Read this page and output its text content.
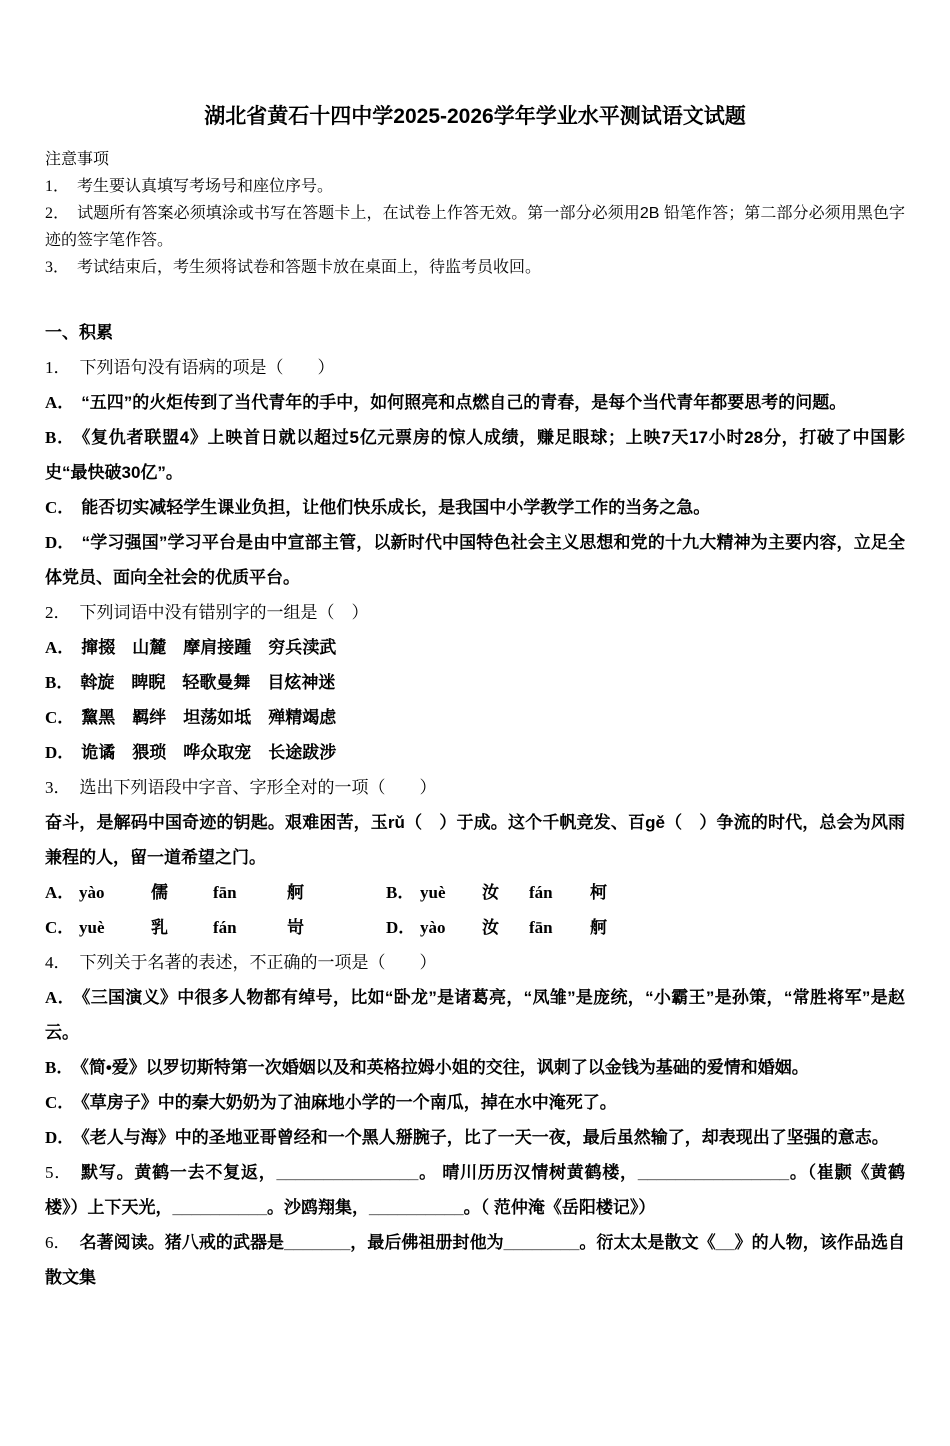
湖北省黄石十四中学2025-2026学年学业水平测试语文试题

注意事项

1． 考生要认真填写考场号和座位序号。

2． 试题所有答案必须填涂或书写在答题卡上，在试卷上作答无效。第一部分必须用2B 铅笔作答；第二部分必须用黑色字迹的签字笔作答。

3． 考试结束后，考生须将试卷和答题卡放在桌面上，待监考员收回。

一、积累

1． 下列语句没有语病的项是（　　）

A． “五四”的火炬传到了当代青年的手中，如何照亮和点燃自己的青春，是每个当代青年都要思考的问题。

B． 《复仇者联盟4》上映首日就以超过5亿元票房的惊人成绩，赚足眼球；上映7天17小时28分，打破了中国影史“最快破30亿”。

C． 能否切实减轻学生课业负担，让他们快乐成长，是我国中小学教学工作的当务之急。

D． “学习强国”学习平台是由中宣部主管，以新时代中国特色社会主义思想和党的十九大精神为主要内容，立足全体党员、面向全社会的优质平台。

2． 下列词语中没有错别字的一组是（　）

A． 撺掇　山麓　摩肩接踵　穷兵渎武

B． 斡旋　睥睨　轻歌曼舞　目炫神迷

C． 黧黑　羁绊　坦荡如坻　殚精竭虑

D． 诡谲　猥琐　哗众取宠　长途跋涉

3． 选出下列语段中字音、字形全对的一项（　　）

奋斗，是解码中国奇迹的钥匙。艰难困苦，玉rǔ（　）于成。这个千帆竞发、百gě（　）争流的时代，总会为风雨兼程的人，留一道希望之门。

A． yào	儒	fān	舸	B． yuè 汝 fán 柯

C． yuè	乳	fán	岢	D． yào 汝 fān 舸

4． 下列关于名著的表述，不正确的一项是（　　）

A． 《三国演义》中很多人物都有绰号，比如“卧龙”是诸葛亮，“凤雏”是庞统，“小霸王”是孙策，“常胜将军”是赵云。

B． 《简•爱》以罗切斯特第一次婚姻以及和英格拉姆小姐的交往，讽刺了以金钱为基础的爱情和婚姻。

C． 《草房子》中的秦大奶奶为了油麻地小学的一个南瓜，掉在水中淹死了。

D． 《老人与海》中的圣地亚哥曾经和一个黑人掰腕子，比了一天一夜，最后虽然输了，却表现出了坚强的意志。

5． 默写。黄鹤一去不复返，_______________。 晴川历历汉情树黄鹤楼，________________。（崔颢《黄鹤楼》）上下天光，__________。沙鸥翔集，__________。（ 范仲淹《岳阳楼记》）

6． 名著阅读。猪八戒的武器是_______，最后佛祖册封他为________。衍太太是散文《__》的人物，该作品选自散文集
